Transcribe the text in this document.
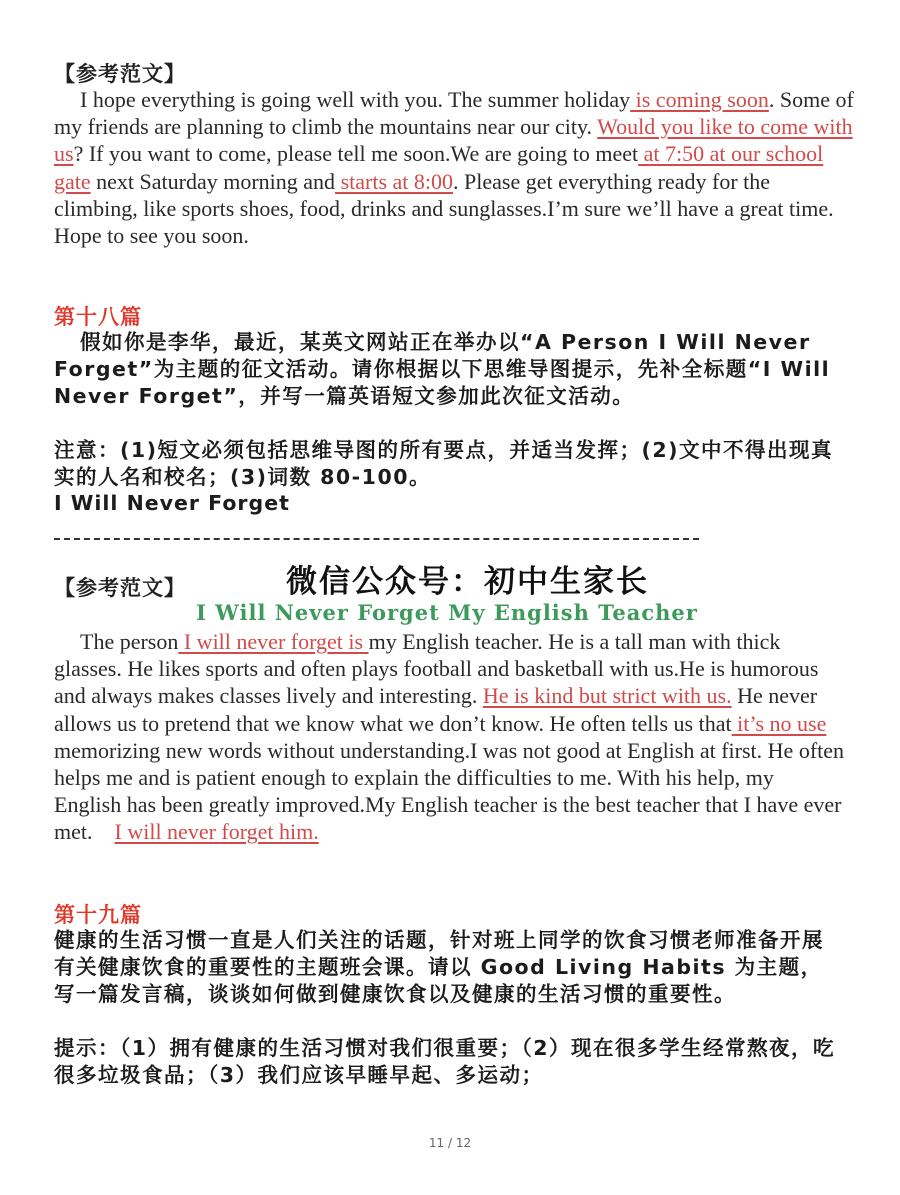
【参考范文】

I hope everything is going well with you. The summer holiday is coming soon. Some of my friends are planning to climb the mountains near our city. Would you like to come with us? If you want to come, please tell me soon.We are going to meet at 7:50 at our school gate next Saturday morning and starts at 8:00. Please get everything ready for the climbing, like sports shoes, food, drinks and sunglasses.I’m sure we’ll have a great time. Hope to see you soon.

第十八篇

假如你是李华，最近，某英文网站正在举办以“A Person I Will Never Forget”为主题的征文活动。请你根据以下思维导图提示，先补全标题“I Will Never Forget”，并写一篇英语短文参加此次征文活动。

注意：(1)短文必须包括思维导图的所有要点，并适当发挥；(2)文中不得出现真实的人名和校名；(3)词数 80-100。

I Will Never Forget
【参考范文】	微信公众号：初中生家长
I Will Never Forget My English Teacher

The person I will never forget is my English teacher. He is a tall man with thick glasses. He likes sports and often plays football and basketball with us.He is humorous and always makes classes lively and interesting. He is kind but strict with us. He never allows us to pretend that we know what we don’t know. He often tells us that it’s no use memorizing new words without understanding.I was not good at English at first. He often helps me and is patient enough to explain the difficulties to me. With his help, my English has been greatly improved.My English teacher is the best teacher that I have ever met.    I will never forget him.

第十九篇

健康的生活习惯一直是人们关注的话题，针对班上同学的饮食习惯老师准备开展有关健康饮食的重要性的主题班会课。请以 Good Living Habits 为主题，写一篇发言稿，谈谈如何做到健康饮食以及健康的生活习惯的重要性。

提示：（1）拥有健康的生活习惯对我们很重要；（2）现在很多学生经常熬夜，吃很多垃圾食品；（3）我们应该早睡早起、多运动；

11 / 12
